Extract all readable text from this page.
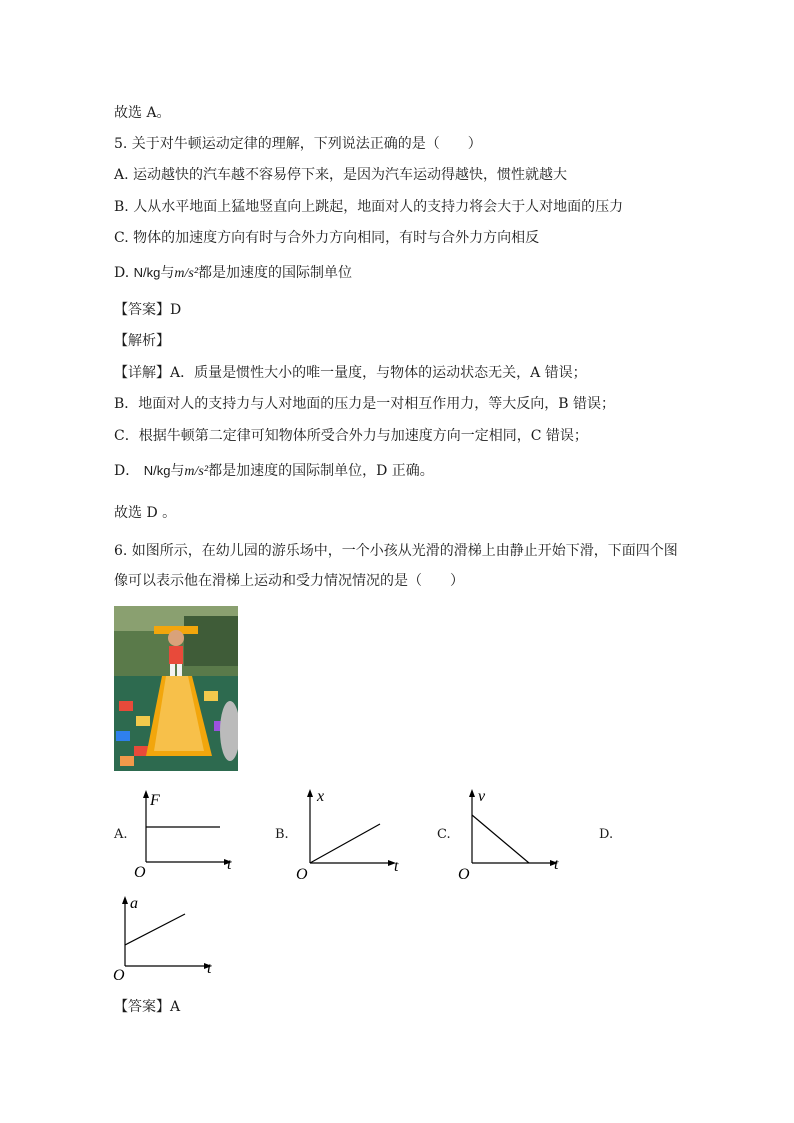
故选 A。
5. 关于对牛顿运动定律的理解，下列说法正确的是（　　）
A. 运动越快的汽车越不容易停下来，是因为汽车运动得越快，惯性就越大
B. 人从水平地面上猛地竖直向上跳起，地面对人的支持力将会大于人对地面的压力
C. 物体的加速度方向有时与合外力方向相同，有时与合外力方向相反
D. N/kg与m/s²都是加速度的国际制单位
【答案】D
【解析】
【详解】A．质量是惯性大小的唯一量度，与物体的运动状态无关，A 错误；
B．地面对人的支持力与人对地面的压力是一对相互作用力，等大反向，B 错误；
C．根据牛顿第二定律可知物体所受合外力与加速度方向一定相同，C 错误；
D． N/kg与m/s²都是加速度的国际制单位，D 正确。
故选 D 。
6. 如图所示，在幼儿园的游乐场中，一个小孩从光滑的滑梯上由静止开始下滑，下面四个图
像可以表示他在滑梯上运动和受力情况情况的是（　　）
F
t
O
A.
x
t
O
B.
v
t
O
C.	D.
a
t
O
【答案】A
